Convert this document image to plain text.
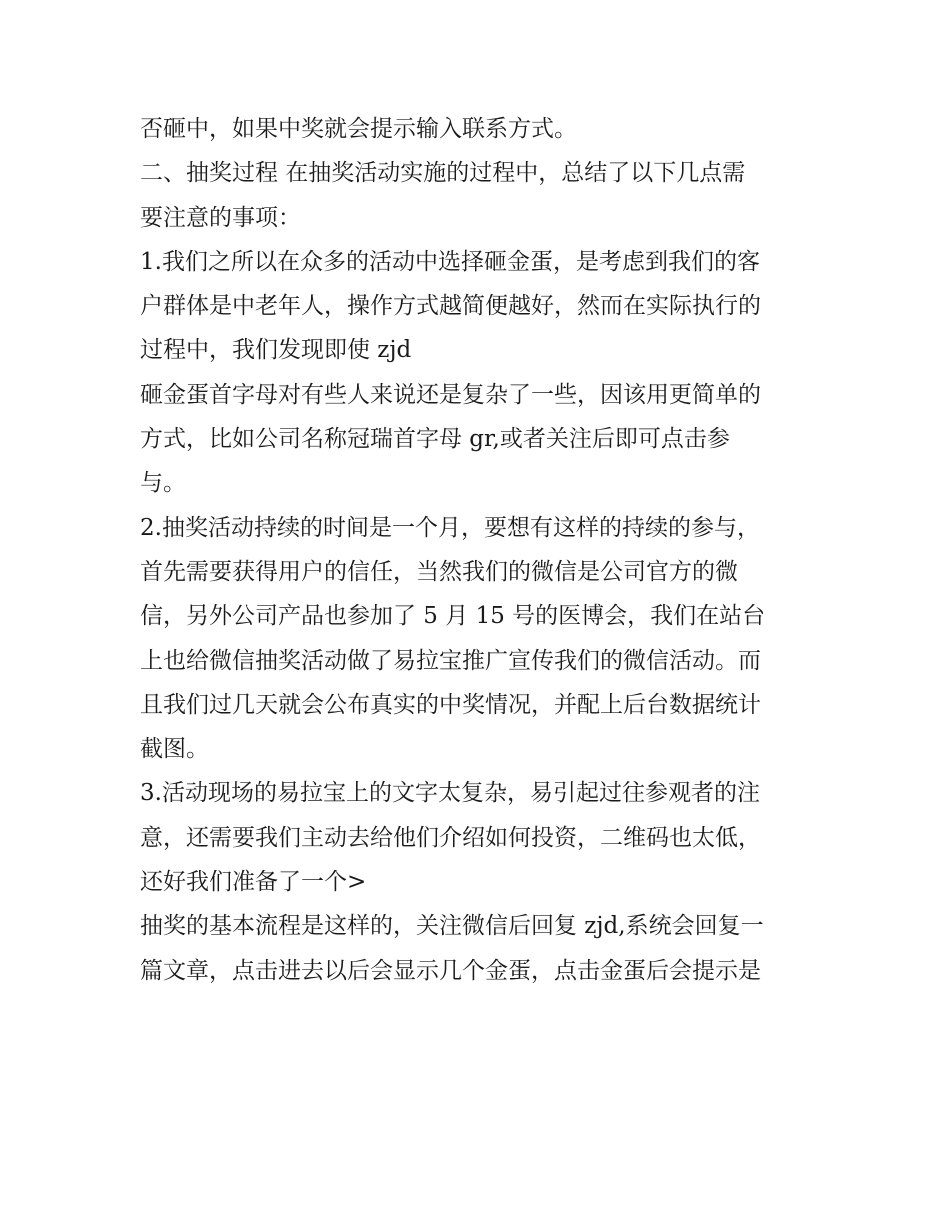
否砸中，如果中奖就会提示输入联系方式。
二、抽奖过程 在抽奖活动实施的过程中，总结了以下几点需
要注意的事项：
1.我们之所以在众多的活动中选择砸金蛋，是考虑到我们的客
户群体是中老年人，操作方式越简便越好，然而在实际执行的
过程中，我们发现即使 zjd
砸金蛋首字母对有些人来说还是复杂了一些，因该用更简单的
方式，比如公司名称冠瑞首字母 gr,或者关注后即可点击参
与。
2.抽奖活动持续的时间是一个月，要想有这样的持续的参与，
首先需要获得用户的信任，当然我们的微信是公司官方的微
信，另外公司产品也参加了 5 月 15 号的医博会，我们在站台
上也给微信抽奖活动做了易拉宝推广宣传我们的微信活动。而
且我们过几天就会公布真实的中奖情况，并配上后台数据统计
截图。
3.活动现场的易拉宝上的文字太复杂，易引起过往参观者的注
意，还需要我们主动去给他们介绍如何投资，二维码也太低，
还好我们准备了一个>
抽奖的基本流程是这样的，关注微信后回复 zjd,系统会回复一
篇文章，点击进去以后会显示几个金蛋，点击金蛋后会提示是
